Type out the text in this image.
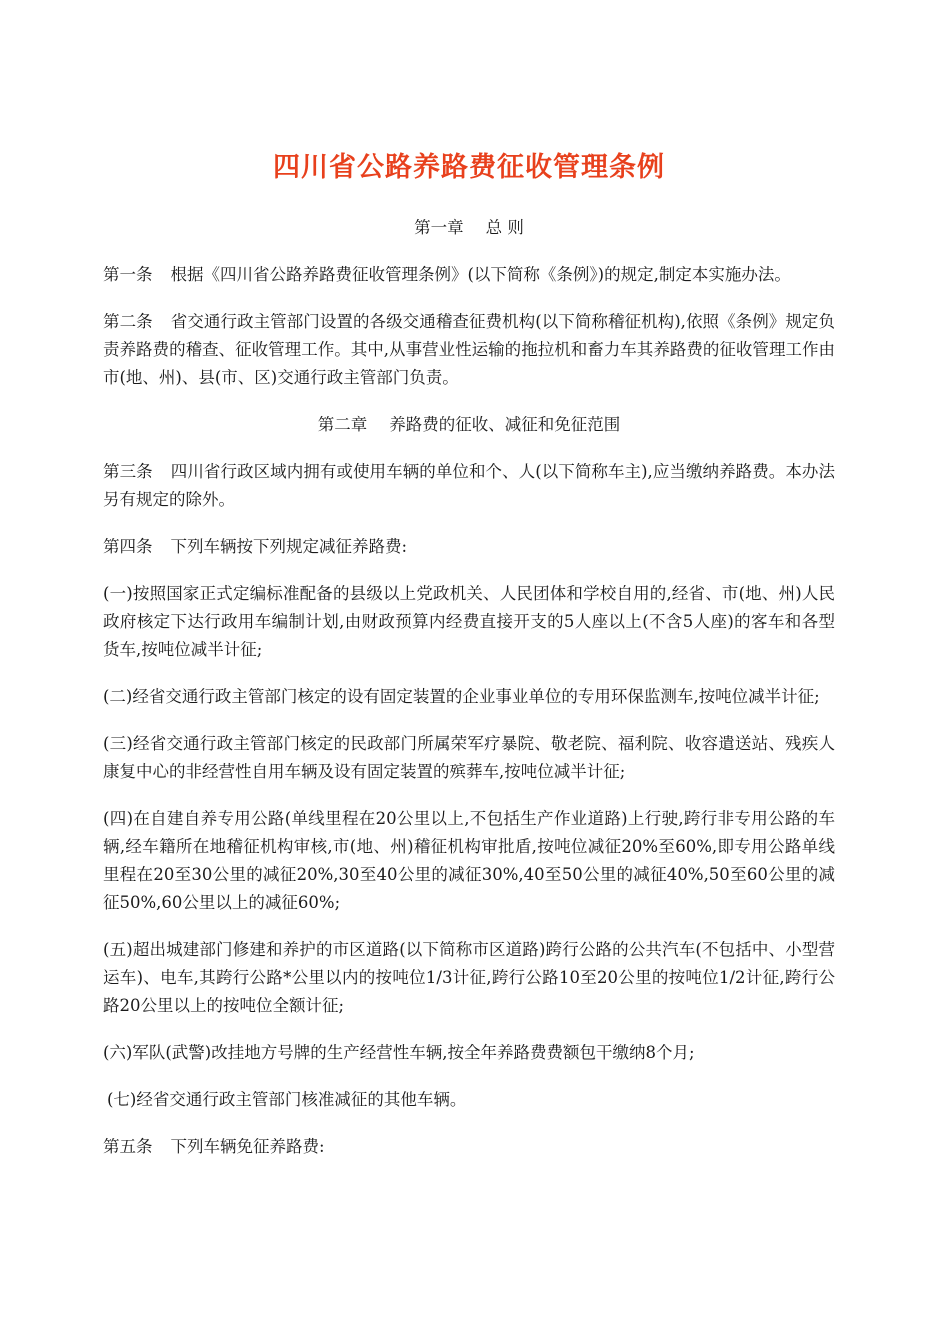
四川省公路养路费征收管理条例

第一章 总 则

第一条 根据《四川省公路养路费征收管理条例》(以下简称《条例》)的规定,制定本实施办法。

第二条 省交通行政主管部门设置的各级交通稽查征费机构(以下简称稽征机构),依照《条例》规定负责养路费的稽查、征收管理工作。其中,从事营业性运输的拖拉机和畜力车其养路费的征收管理工作由市(地、州)、县(市、区)交通行政主管部门负责。

第二章 养路费的征收、减征和免征范围

第三条 四川省行政区域内拥有或使用车辆的单位和个、人(以下简称车主),应当缴纳养路费。本办法另有规定的除外。

第四条 下列车辆按下列规定减征养路费:

(一)按照国家正式定编标准配备的县级以上党政机关、人民团体和学校自用的,经省、市(地、州)人民政府核定下达行政用车编制计划,由财政预算内经费直接开支的5人座以上(不含5人座)的客车和各型货车,按吨位减半计征;

(二)经省交通行政主管部门核定的设有固定装置的企业事业单位的专用环保监测车,按吨位减半计征;

(三)经省交通行政主管部门核定的民政部门所属荣军疗暴院、敬老院、福利院、收容遣送站、残疾人康复中心的非经营性自用车辆及设有固定装置的殡葬车,按吨位减半计征;

(四)在自建自养专用公路(单线里程在20公里以上,不包括生产作业道路)上行驶,跨行非专用公路的车辆,经车籍所在地稽征机构审核,市(地、州)稽征机构审批盾,按吨位减征20%至60%,即专用公路单线里程在20至30公里的减征20%,30至40公里的减征30%,40至50公里的减征40%,50至60公里的减征50%,60公里以上的减征60%;

(五)超出城建部门修建和养护的市区道路(以下简称市区道路)跨行公路的公共汽车(不包括中、小型营运车)、电车,其跨行公路*公里以内的按吨位1/3计征,跨行公路10至20公里的按吨位1/2计征,跨行公路20公里以上的按吨位全额计征;

(六)军队(武警)改挂地方号牌的生产经营性车辆,按全年养路费费额包干缴纳8个月;

(七)经省交通行政主管部门核准减征的其他车辆。

第五条 下列车辆免征养路费:
